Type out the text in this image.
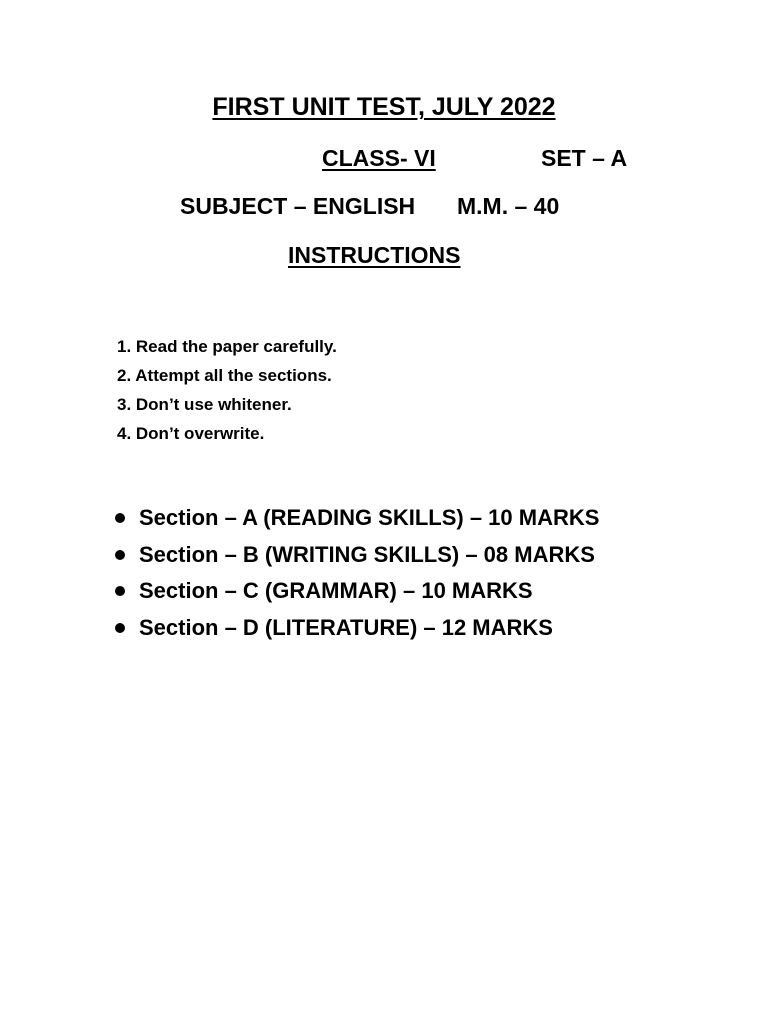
FIRST UNIT TEST, JULY 2022
CLASS- VI	SET – A
SUBJECT – ENGLISH M.M. – 40
INSTRUCTIONS
1. Read the paper carefully.
2. Attempt all the sections.
3. Don’t use whitener.
4. Don’t overwrite.
Section – A (READING SKILLS) – 10 MARKS
Section – B (WRITING SKILLS) – 08 MARKS
Section – C (GRAMMAR) – 10 MARKS
Section – D (LITERATURE) – 12 MARKS
